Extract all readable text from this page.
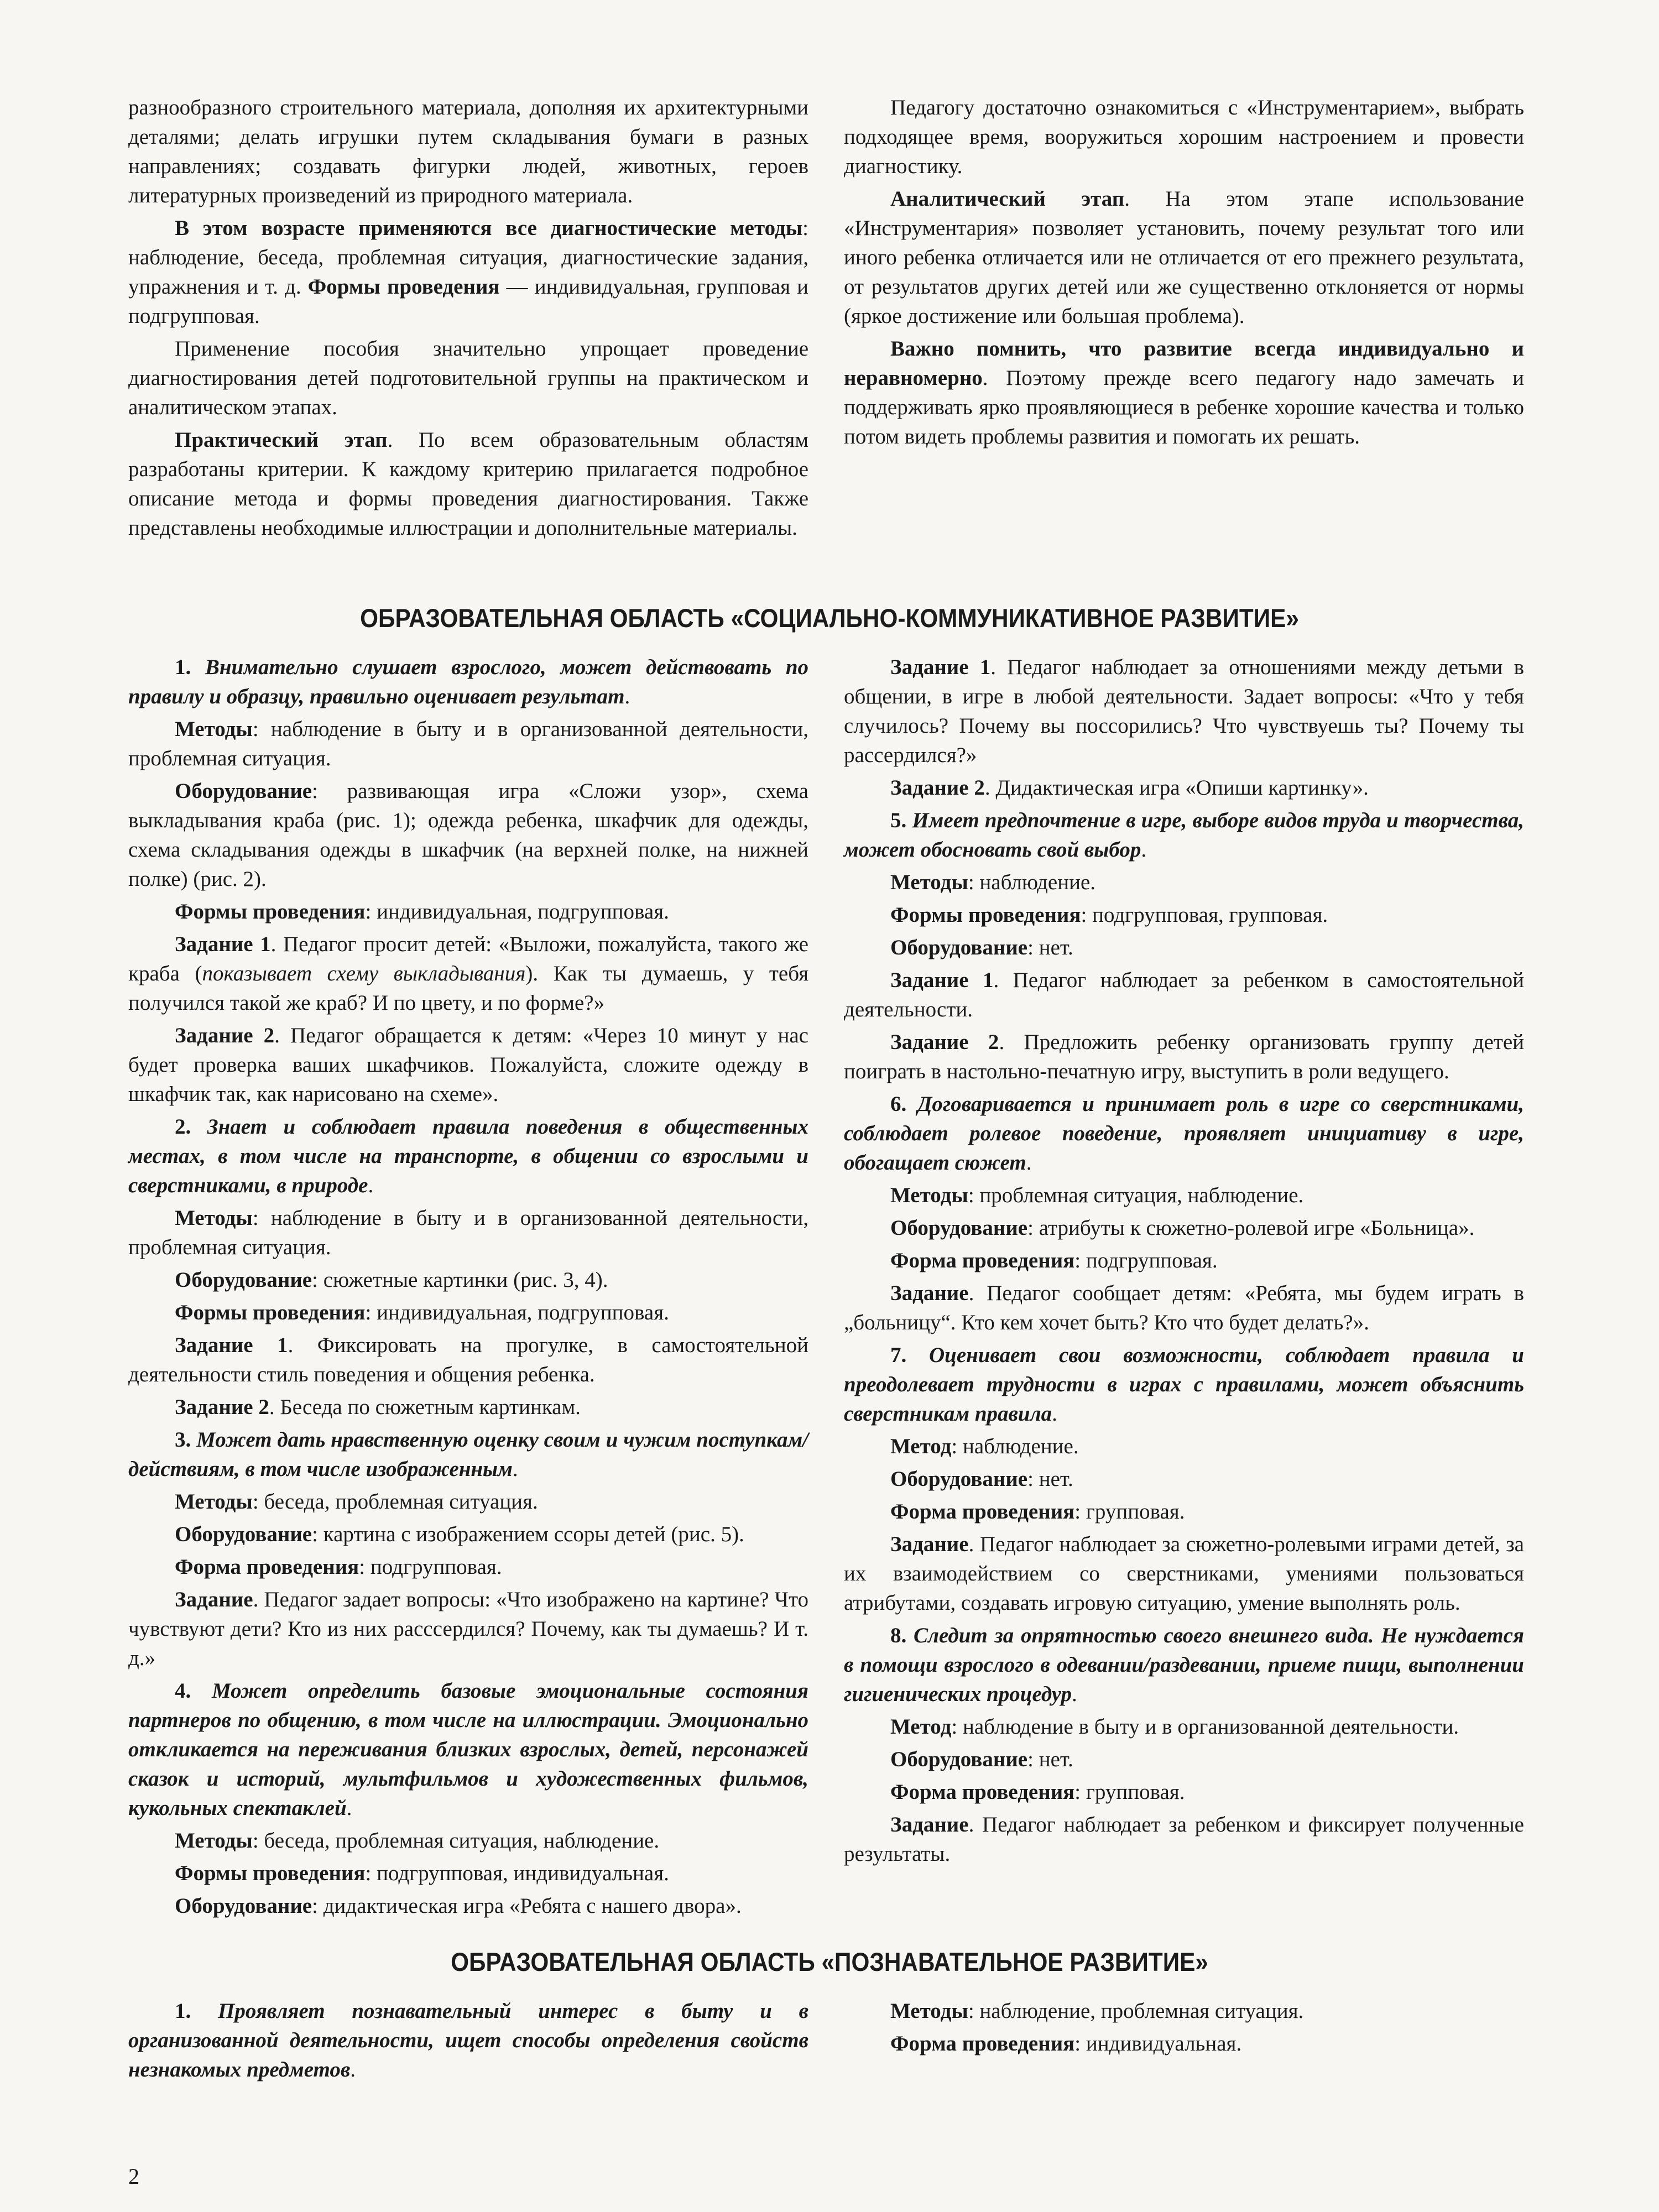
разнообразного строительного материала, дополняя их архитектурными деталями; делать игрушки путем складывания бумаги в разных направлениях; создавать фигурки людей, животных, героев литературных произведений из природного материала.

В этом возрасте применяются все диагностические методы: наблюдение, беседа, проблемная ситуация, диагностические задания, упражнения и т. д. Формы проведения — индивидуальная, групповая и подгрупповая.

Применение пособия значительно упрощает проведение диагностирования детей подготовительной группы на практическом и аналитическом этапах.

Практический этап. По всем образовательным областям разработаны критерии. К каждому критерию прилагается подробное описание метода и формы проведения диагностирования. Также представлены необходимые иллюстрации и дополнительные материалы.

Педагогу достаточно ознакомиться с «Инструментарием», выбрать подходящее время, вооружиться хорошим настроением и провести диагностику.

Аналитический этап. На этом этапе использование «Инструментария» позволяет установить, почему результат того или иного ребенка отличается или не отличается от его прежнего результата, от результатов других детей или же существенно отклоняется от нормы (яркое достижение или большая проблема).

Важно помнить, что развитие всегда индивидуально и неравномерно. Поэтому прежде всего педагогу надо замечать и поддерживать ярко проявляющиеся в ребенке хорошие качества и только потом видеть проблемы развития и помогать их решать.

ОБРАЗОВАТЕЛЬНАЯ ОБЛАСТЬ «СОЦИАЛЬНО-КОММУНИКАТИВНОЕ РАЗВИТИЕ»

1. Внимательно слушает взрослого, может действовать по правилу и образцу, правильно оценивает результат.

Методы: наблюдение в быту и в организованной деятельности, проблемная ситуация.

Оборудование: развивающая игра «Сложи узор», схема выкладывания краба (рис. 1); одежда ребенка, шкафчик для одежды, схема складывания одежды в шкафчик (на верхней полке, на нижней полке) (рис. 2).

Формы проведения: индивидуальная, подгрупповая.

Задание 1. Педагог просит детей: «Выложи, пожалуйста, такого же краба (показывает схему выкладывания). Как ты думаешь, у тебя получился такой же краб? И по цвету, и по форме?»

Задание 2. Педагог обращается к детям: «Через 10 минут у нас будет проверка ваших шкафчиков. Пожалуйста, сложите одежду в шкафчик так, как нарисовано на схеме».

2. Знает и соблюдает правила поведения в общественных местах, в том числе на транспорте, в общении со взрослыми и сверстниками, в природе.

Методы: наблюдение в быту и в организованной деятельности, проблемная ситуация.

Оборудование: сюжетные картинки (рис. 3, 4).

Формы проведения: индивидуальная, подгрупповая.

Задание 1. Фиксировать на прогулке, в самостоятельной деятельности стиль поведения и общения ребенка.

Задание 2. Беседа по сюжетным картинкам.

3. Может дать нравственную оценку своим и чужим поступкам/действиям, в том числе изображенным.

Методы: беседа, проблемная ситуация.

Оборудование: картина с изображением ссоры детей (рис. 5).

Форма проведения: подгрупповая.

Задание. Педагог задает вопросы: «Что изображено на картине? Что чувствуют дети? Кто из них расссердился? Почему, как ты думаешь? И т. д.»

4. Может определить базовые эмоциональные состояния партнеров по общению, в том числе на иллюстрации. Эмоционально откликается на переживания близких взрослых, детей, персонажей сказок и историй, мультфильмов и художественных фильмов, кукольных спектаклей.

Методы: беседа, проблемная ситуация, наблюдение.

Формы проведения: подгрупповая, индивидуальная.

Оборудование: дидактическая игра «Ребята с нашего двора».

Задание 1. Педагог наблюдает за отношениями между детьми в общении, в игре в любой деятельности. Задает вопросы: «Что у тебя случилось? Почему вы поссорились? Что чувствуешь ты? Почему ты рассердился?»

Задание 2. Дидактическая игра «Опиши картинку».

5. Имеет предпочтение в игре, выборе видов труда и творчества, может обосновать свой выбор.

Методы: наблюдение.

Формы проведения: подгрупповая, групповая.

Оборудование: нет.

Задание 1. Педагог наблюдает за ребенком в самостоятельной деятельности.

Задание 2. Предложить ребенку организовать группу детей поиграть в настольно-печатную игру, выступить в роли ведущего.

6. Договаривается и принимает роль в игре со сверстниками, соблюдает ролевое поведение, проявляет инициативу в игре, обогащает сюжет.

Методы: проблемная ситуация, наблюдение.

Оборудование: атрибуты к сюжетно-ролевой игре «Больница».

Форма проведения: подгрупповая.

Задание. Педагог сообщает детям: «Ребята, мы будем играть в „больницу“. Кто кем хочет быть? Кто что будет делать?».

7. Оценивает свои возможности, соблюдает правила и преодолевает трудности в играх с правилами, может объяснить сверстникам правила.

Метод: наблюдение.

Оборудование: нет.

Форма проведения: групповая.

Задание. Педагог наблюдает за сюжетно-ролевыми играми детей, за их взаимодействием со сверстниками, умениями пользоваться атрибутами, создавать игровую ситуацию, умение выполнять роль.

8. Следит за опрятностью своего внешнего вида. Не нуждается в помощи взрослого в одевании/раздевании, приеме пищи, выполнении гигиенических процедур.

Метод: наблюдение в быту и в организованной деятельности.

Оборудование: нет.

Форма проведения: групповая.

Задание. Педагог наблюдает за ребенком и фиксирует полученные результаты.

ОБРАЗОВАТЕЛЬНАЯ ОБЛАСТЬ «ПОЗНАВАТЕЛЬНОЕ РАЗВИТИЕ»

1. Проявляет познавательный интерес в быту и в организованной деятельности, ищет способы определения свойств незнакомых предметов.

Методы: наблюдение, проблемная ситуация.

Форма проведения: индивидуальная.

2
